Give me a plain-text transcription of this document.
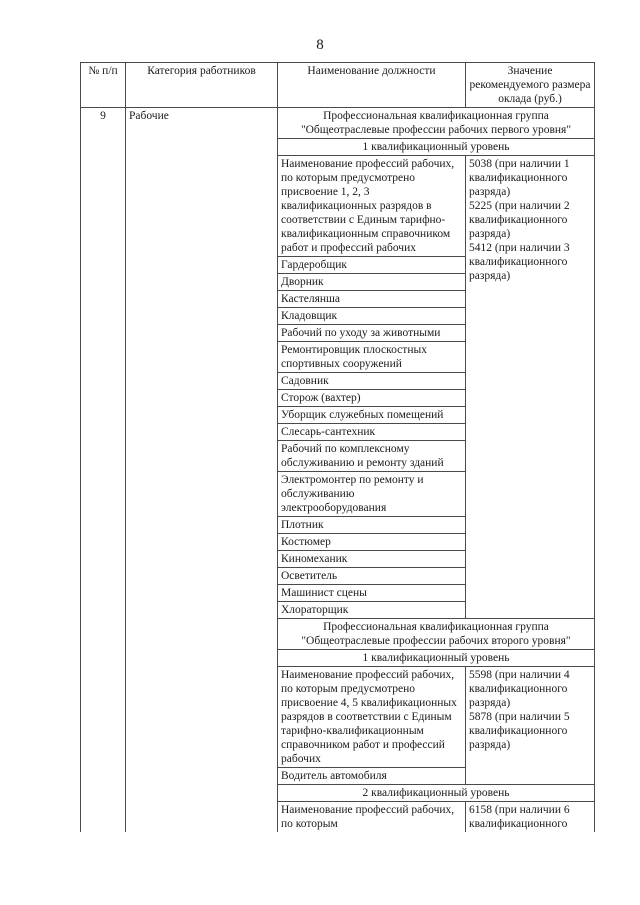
8
№ п/п	Категория работников	Наименование должности	Значение рекомендуемого размера оклада (руб.)
9	Рабочие	Профессиональная квалификационная группа
"Общеотраслевые профессии рабочих первого уровня"	

		1 квалификационный уровень	
		Наименование профессий рабочих, по которым предусмотрено присвоение 1, 2, 3 квалификационных разрядов в соответствии с Единым тарифно-квалификационным справочником работ и профессий рабочих	5038 (при наличии 1 квалификационного разряда)
5225 (при наличии 2 квалификационного разряда)
5412 (при наличии 3 квалификационного разряда)

		Гардеробщик	
		Дворник	
		Кастелянша	
		Кладовщик	
		Рабочий по уходу за животными	
		Ремонтировщик плоскостных спортивных сооружений	
		Садовник	
		Сторож (вахтер)	
		Уборщик служебных помещений	
		Слесарь-сантехник	
		Рабочий по комплексному обслуживанию и ремонту зданий	
		Электромонтер по ремонту и обслуживанию электрооборудования	
		Плотник	
		Костюмер	
		Киномеханик	
		Осветитель	
		Машинист сцены	
		Хлораторщик	

		Профессиональная квалификационная группа
"Общеотраслевые профессии рабочих второго уровня"	

		1 квалификационный уровень	
		Наименование профессий рабочих, по которым предусмотрено присвоение 4, 5 квалификационных разрядов в соответствии с Единым тарифно-квалификационным справочником работ и профессий рабочих	5598 (при наличии 4 квалификационного разряда)
5878 (при наличии 5 квалификационного разряда)

		Водитель автомобиля	
		2 квалификационный уровень	
		Наименование профессий рабочих, по которым	6158 (при наличии 6 квалификационного
